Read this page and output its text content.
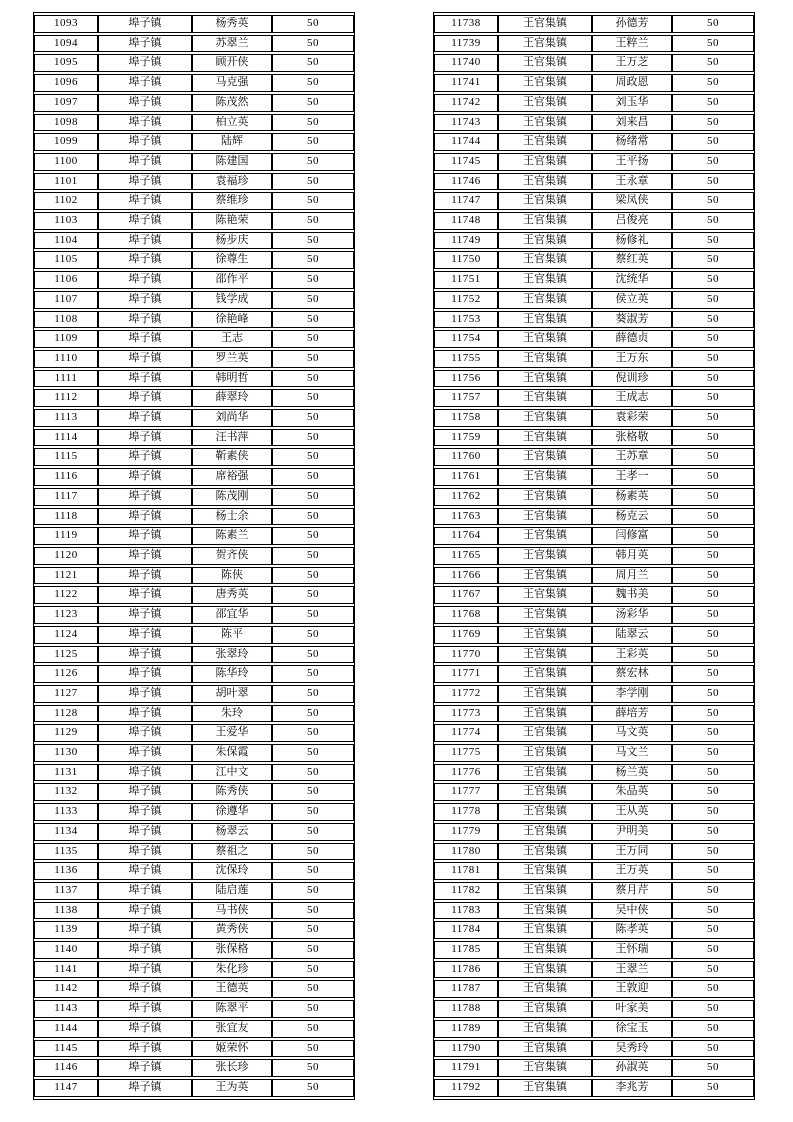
1093	埠子镇	杨秀英	50
1094	埠子镇	苏翠兰	50
1095	埠子镇	顾开侠	50
1096	埠子镇	马克强	50
1097	埠子镇	陈茂然	50
1098	埠子镇	柏立英	50
1099	埠子镇	陆辉	50
1100	埠子镇	陈建国	50
1101	埠子镇	袁福珍	50
1102	埠子镇	蔡维珍	50
1103	埠子镇	陈艳荣	50
1104	埠子镇	杨步庆	50
1105	埠子镇	徐尊生	50
1106	埠子镇	邵作平	50
1107	埠子镇	钱学成	50
1108	埠子镇	徐艳峰	50
1109	埠子镇	王志	50
1110	埠子镇	罗兰英	50
1111	埠子镇	韩明哲	50
1112	埠子镇	薛翠玲	50
1113	埠子镇	刘尚华	50
1114	埠子镇	汪书萍	50
1115	埠子镇	靳素侠	50
1116	埠子镇	席裕强	50
1117	埠子镇	陈茂刚	50
1118	埠子镇	杨士余	50
1119	埠子镇	陈素兰	50
1120	埠子镇	贺齐侠	50
1121	埠子镇	陈侠	50
1122	埠子镇	唐秀英	50
1123	埠子镇	邵宜华	50
1124	埠子镇	陈平	50
1125	埠子镇	张翠玲	50
1126	埠子镇	陈华玲	50
1127	埠子镇	胡叶翠	50
1128	埠子镇	朱玲	50
1129	埠子镇	王爱华	50
1130	埠子镇	朱保霞	50
1131	埠子镇	江中文	50
1132	埠子镇	陈秀侠	50
1133	埠子镇	徐遵华	50
1134	埠子镇	杨翠云	50
1135	埠子镇	蔡祖之	50
1136	埠子镇	沈保玲	50
1137	埠子镇	陆启莲	50
1138	埠子镇	马书侠	50
1139	埠子镇	黄秀侠	50
1140	埠子镇	张保格	50
1141	埠子镇	朱化珍	50
1142	埠子镇	王德英	50
1143	埠子镇	陈翠平	50
1144	埠子镇	张宜友	50
1145	埠子镇	姬荣怀	50
1146	埠子镇	张长珍	50
1147	埠子镇	王为英	50
11738	王官集镇	孙德芳	50
11739	王官集镇	王粹兰	50
11740	王官集镇	王万芝	50
11741	王官集镇	周政恩	50
11742	王官集镇	刘玉华	50
11743	王官集镇	刘来昌	50
11744	王官集镇	杨绪常	50
11745	王官集镇	王平扬	50
11746	王官集镇	王永章	50
11747	王官集镇	梁凤侠	50
11748	王官集镇	吕俊亮	50
11749	王官集镇	杨修礼	50
11750	王官集镇	蔡红英	50
11751	王官集镇	沈统华	50
11752	王官集镇	侯立英	50
11753	王官集镇	葵淑芳	50
11754	王官集镇	薛德贞	50
11755	王官集镇	王万东	50
11756	王官集镇	倪训珍	50
11757	王官集镇	王成志	50
11758	王官集镇	袁彩荣	50
11759	王官集镇	张格敬	50
11760	王官集镇	王苏章	50
11761	王官集镇	王孝一	50
11762	王官集镇	杨素英	50
11763	王官集镇	杨克云	50
11764	王官集镇	闫修富	50
11765	王官集镇	韩月英	50
11766	王官集镇	周月兰	50
11767	王官集镇	魏书美	50
11768	王官集镇	汤彩华	50
11769	王官集镇	陆翠云	50
11770	王官集镇	王彩英	50
11771	王官集镇	蔡宏林	50
11772	王官集镇	李学刚	50
11773	王官集镇	薛培芳	50
11774	王官集镇	马文英	50
11775	王官集镇	马文兰	50
11776	王官集镇	杨兰英	50
11777	王官集镇	朱品英	50
11778	王官集镇	王从英	50
11779	王官集镇	尹明美	50
11780	王官集镇	王万同	50
11781	王官集镇	王万英	50
11782	王官集镇	蔡月芹	50
11783	王官集镇	吴中侠	50
11784	王官集镇	陈孝英	50
11785	王官集镇	王怀瑞	50
11786	王官集镇	王翠兰	50
11787	王官集镇	王敦迎	50
11788	王官集镇	叶家美	50
11789	王官集镇	徐宝玉	50
11790	王官集镇	吴秀玲	50
11791	王官集镇	孙淑英	50
11792	王官集镇	李兆芳	50
